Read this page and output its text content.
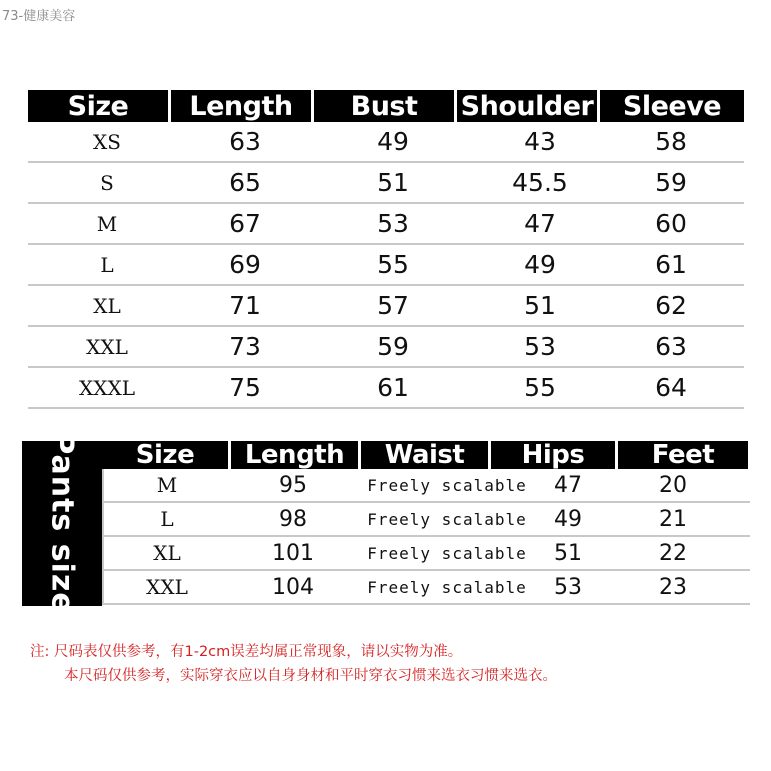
73-健康美容
Size	Length	Bust	Shoulder	Sleeve
XS	63	49	43	58
S	65	51	45.5	59
M	67	53	47	60
L	69	55	49	61
XL	71	57	51	62
XXL	73	59	53	63
XXXL	75	61	55	64
Pants size	Size	Length	Waist	Hips	Feet
M	95	Freely scalable	47	20
L	98	Freely scalable	49	21
XL	101	Freely scalable	51	22
XXL	104	Freely scalable	53	23
注: 尺码表仅供参考，有1-2cm误差均属正常现象，请以实物为准。
本尺码仅供参考，实际穿衣应以自身身材和平时穿衣习惯来选衣习惯来选衣。
